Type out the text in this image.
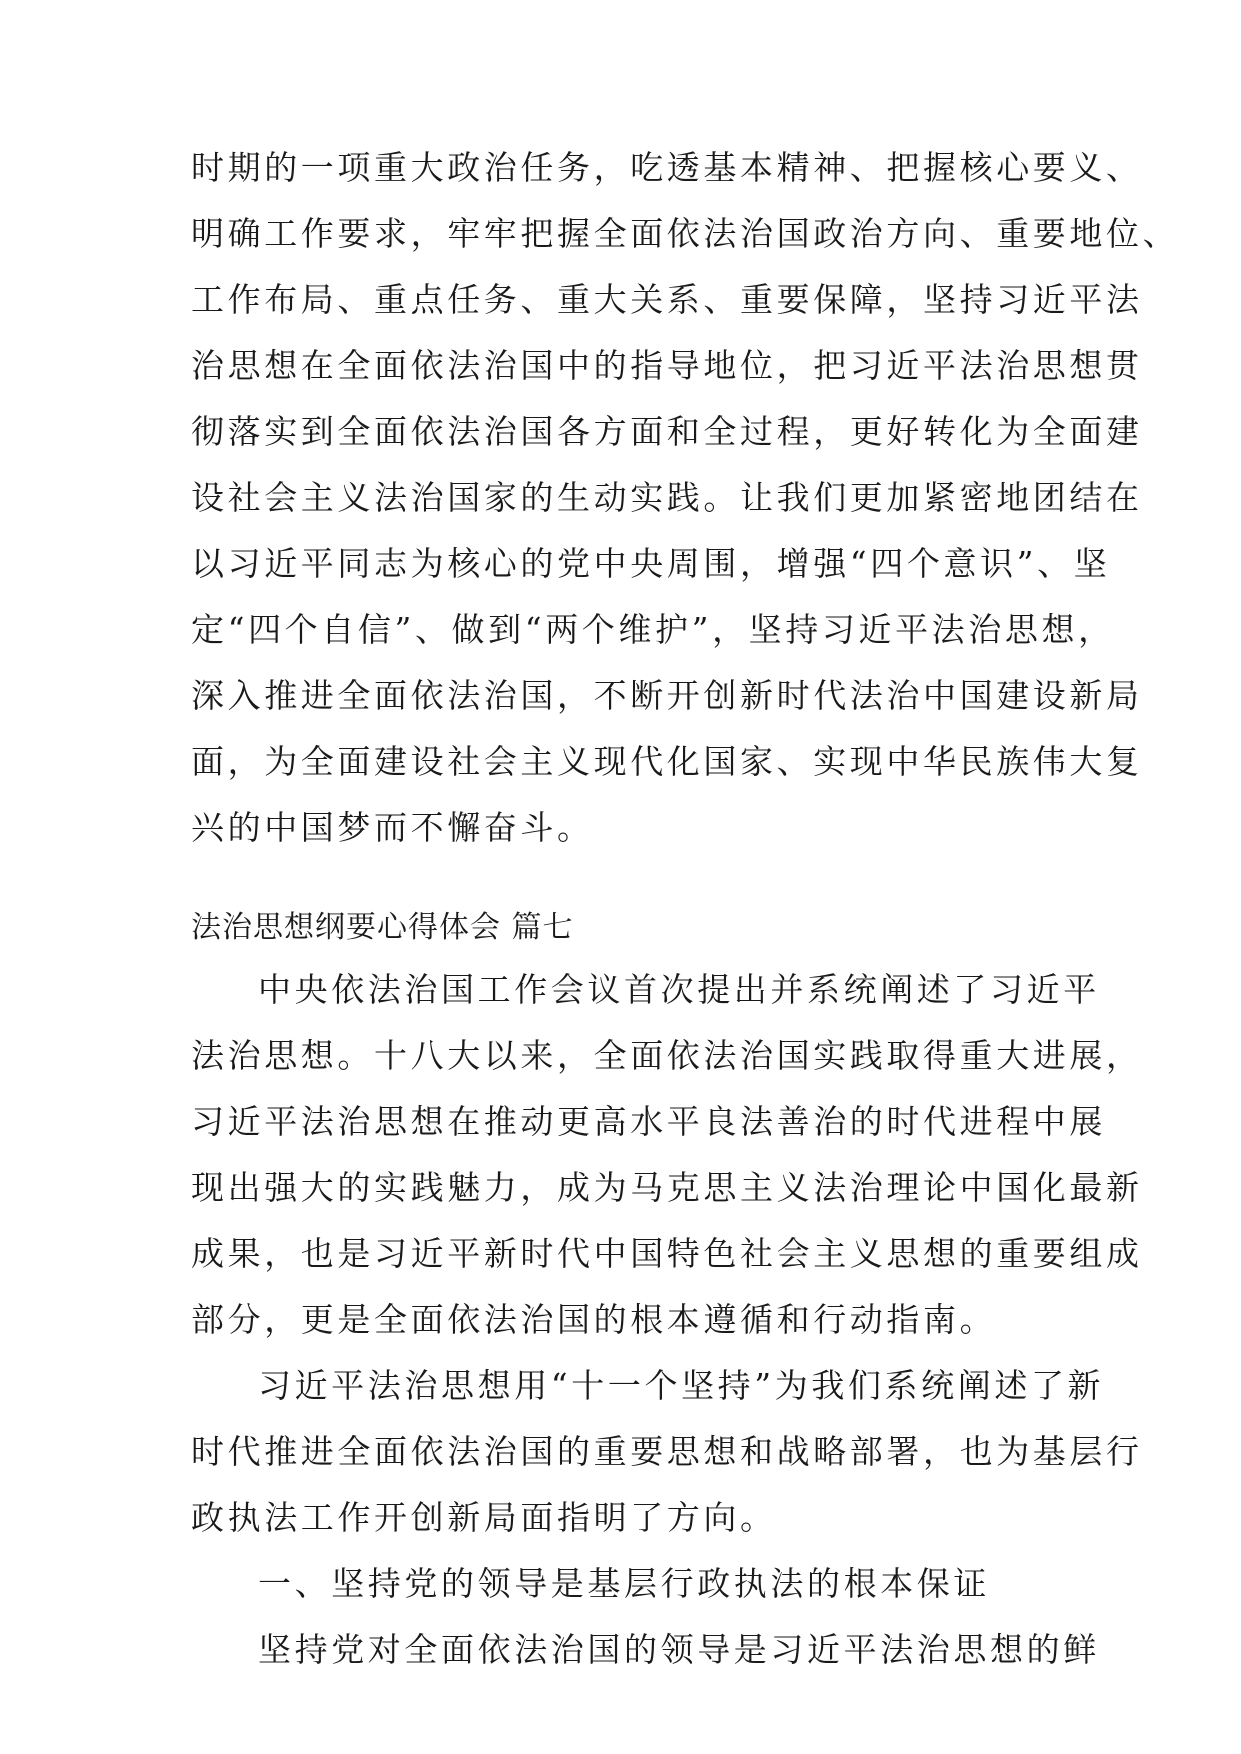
时期的一项重大政治任务，吃透基本精神、把握核心要义、
明确工作要求，牢牢把握全面依法治国政治方向、重要地位、
工作布局、重点任务、重大关系、重要保障，坚持习近平法
治思想在全面依法治国中的指导地位，把习近平法治思想贯
彻落实到全面依法治国各方面和全过程，更好转化为全面建
设社会主义法治国家的生动实践。让我们更加紧密地团结在
以习近平同志为核心的党中央周围，增强“四个意识”、坚
定“四个自信”、做到“两个维护”，坚持习近平法治思想，
深入推进全面依法治国，不断开创新时代法治中国建设新局
面，为全面建设社会主义现代化国家、实现中华民族伟大复
兴的中国梦而不懈奋斗。
法治思想纲要心得体会 篇七
中央依法治国工作会议首次提出并系统阐述了习近平
法治思想。十八大以来，全面依法治国实践取得重大进展，
习近平法治思想在推动更高水平良法善治的时代进程中展
现出强大的实践魅力，成为马克思主义法治理论中国化最新
成果，也是习近平新时代中国特色社会主义思想的重要组成
部分，更是全面依法治国的根本遵循和行动指南。
习近平法治思想用“十一个坚持”为我们系统阐述了新
时代推进全面依法治国的重要思想和战略部署，也为基层行
政执法工作开创新局面指明了方向。
一、坚持党的领导是基层行政执法的根本保证
坚持党对全面依法治国的领导是习近平法治思想的鲜
